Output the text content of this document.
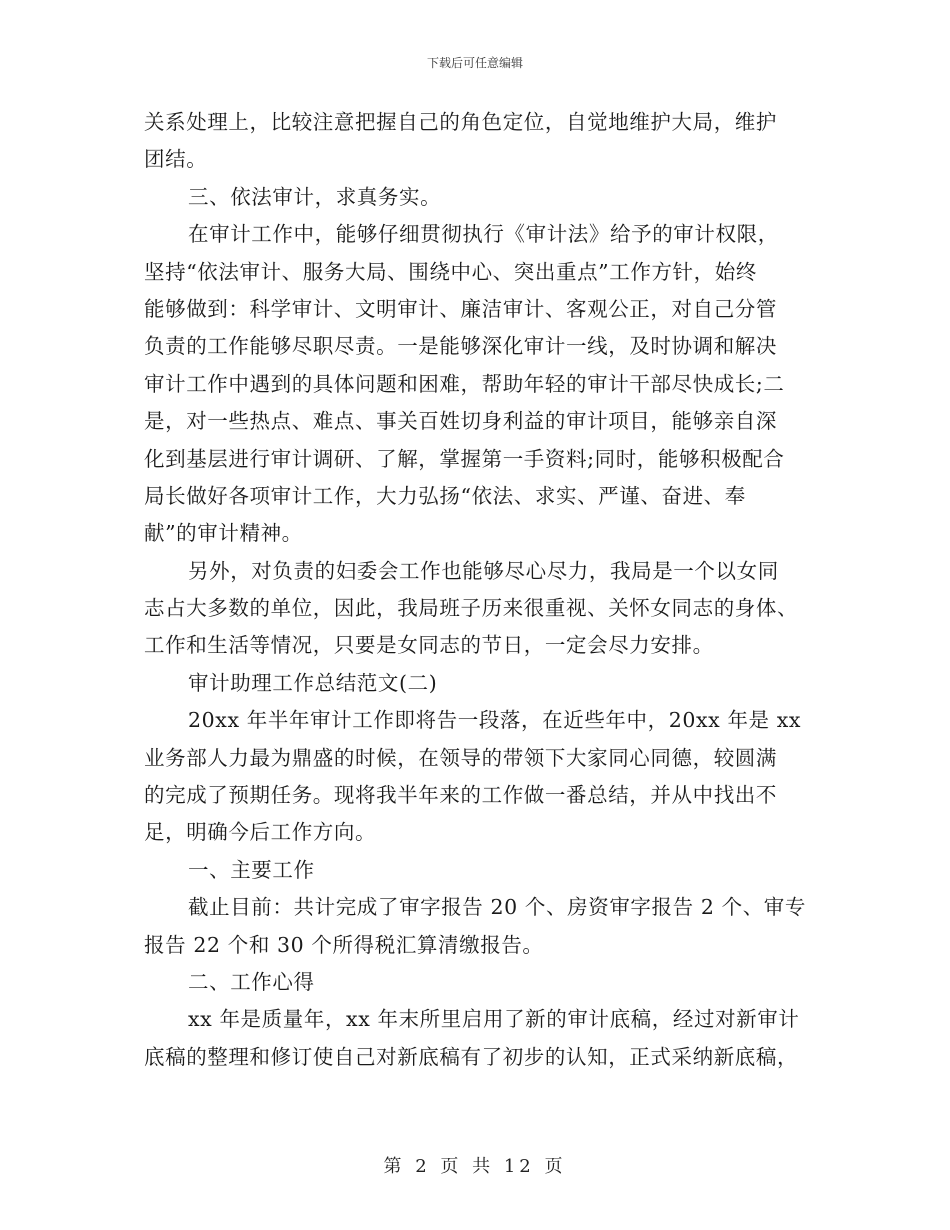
下载后可任意编辑
关系处理上，比较注意把握自己的角色定位，自觉地维护大局，维护
团结。
三、依法审计，求真务实。
在审计工作中，能够仔细贯彻执行《审计法》给予的审计权限，
坚持“依法审计、服务大局、围绕中心、突出重点”工作方针，始终
能够做到：科学审计、文明审计、廉洁审计、客观公正，对自己分管
负责的工作能够尽职尽责。一是能够深化审计一线，及时协调和解决
审计工作中遇到的具体问题和困难，帮助年轻的审计干部尽快成长;二
是，对一些热点、难点、事关百姓切身利益的审计项目，能够亲自深
化到基层进行审计调研、了解，掌握第一手资料;同时，能够积极配合
局长做好各项审计工作，大力弘扬“依法、求实、严谨、奋进、奉
献”的审计精神。
另外，对负责的妇委会工作也能够尽心尽力，我局是一个以女同
志占大多数的单位，因此，我局班子历来很重视、关怀女同志的身体、
工作和生活等情况，只要是女同志的节日，一定会尽力安排。
审计助理工作总结范文(二)
20xx 年半年审计工作即将告一段落，在近些年中，20xx 年是 xx
业务部人力最为鼎盛的时候，在领导的带领下大家同心同德，较圆满
的完成了预期任务。现将我半年来的工作做一番总结，并从中找出不
足，明确今后工作方向。
一、主要工作
截止目前：共计完成了审字报告 20 个、房资审字报告 2 个、审专
报告 22 个和 30 个所得税汇算清缴报告。
二、工作心得
xx 年是质量年，xx 年末所里启用了新的审计底稿，经过对新审计
底稿的整理和修订使自己对新底稿有了初步的认知，正式采纳新底稿，
第 2 页 共 12 页
